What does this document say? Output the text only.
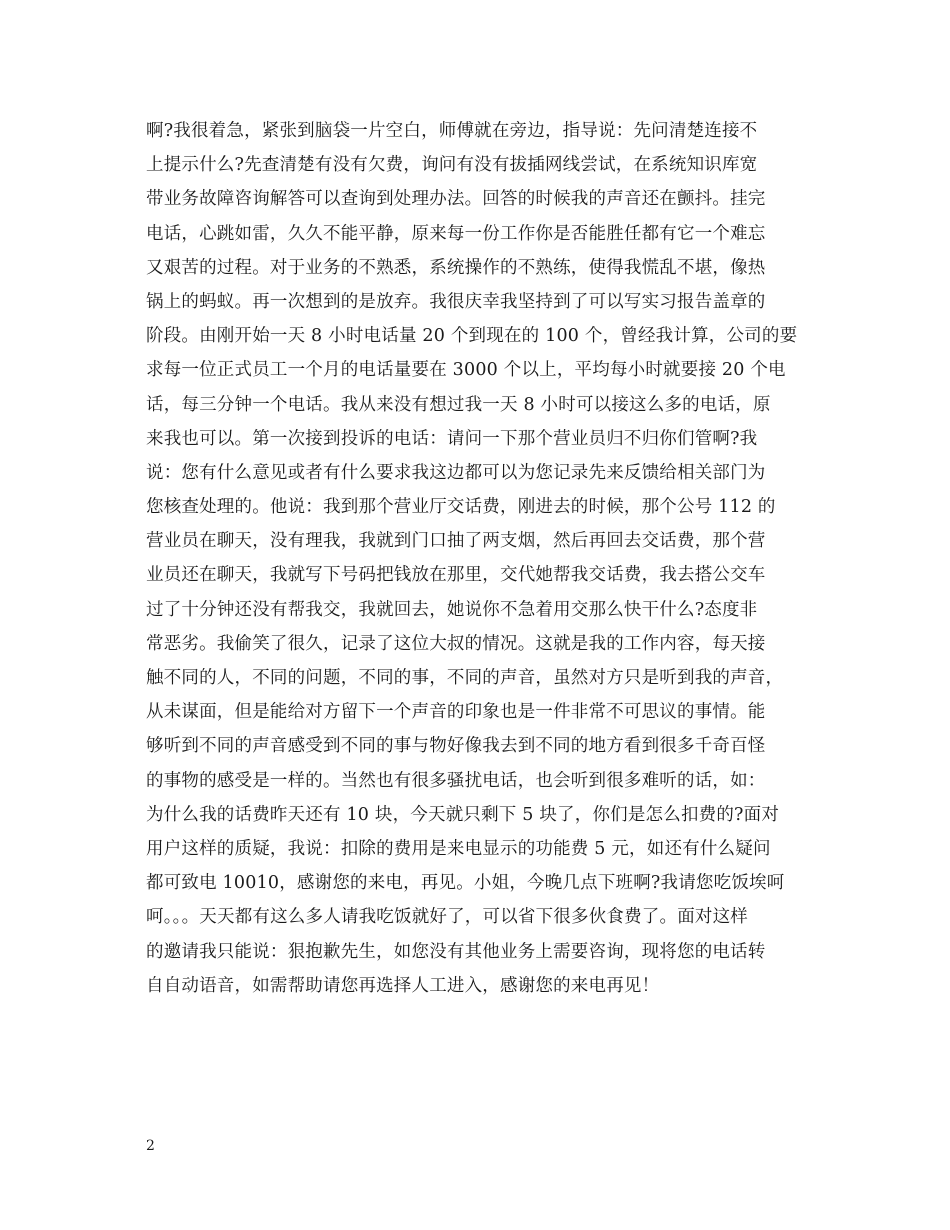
啊?我很着急，紧张到脑袋一片空白，师傅就在旁边，指导说：先问清楚连接不
上提示什么?先查清楚有没有欠费，询问有没有拔插网线尝试，在系统知识库宽
带业务故障咨询解答可以查询到处理办法。回答的时候我的声音还在颤抖。挂完
电话，心跳如雷，久久不能平静，原来每一份工作你是否能胜任都有它一个难忘
又艰苦的过程。对于业务的不熟悉，系统操作的不熟练，使得我慌乱不堪，像热
锅上的蚂蚁。再一次想到的是放弃。我很庆幸我坚持到了可以写实习报告盖章的
阶段。由刚开始一天 8 小时电话量 20 个到现在的 100 个，曾经我计算，公司的要
求每一位正式员工一个月的电话量要在 3000 个以上，平均每小时就要接 20 个电
话，每三分钟一个电话。我从来没有想过我一天 8 小时可以接这么多的电话，原
来我也可以。第一次接到投诉的电话：请问一下那个营业员归不归你们管啊?我
说：您有什么意见或者有什么要求我这边都可以为您记录先来反馈给相关部门为
您核查处理的。他说：我到那个营业厅交话费，刚进去的时候，那个公号 112 的
营业员在聊天，没有理我，我就到门口抽了两支烟，然后再回去交话费，那个营
业员还在聊天，我就写下号码把钱放在那里，交代她帮我交话费，我去搭公交车
过了十分钟还没有帮我交，我就回去，她说你不急着用交那么快干什么?态度非
常恶劣。我偷笑了很久，记录了这位大叔的情况。这就是我的工作内容，每天接
触不同的人，不同的问题，不同的事，不同的声音，虽然对方只是听到我的声音，
从未谋面，但是能给对方留下一个声音的印象也是一件非常不可思议的事情。能
够听到不同的声音感受到不同的事与物好像我去到不同的地方看到很多千奇百怪
的事物的感受是一样的。当然也有很多骚扰电话，也会听到很多难听的话，如：
为什么我的话费昨天还有 10 块，今天就只剩下 5 块了，你们是怎么扣费的?面对
用户这样的质疑，我说：扣除的费用是来电显示的功能费 5 元，如还有什么疑问
都可致电 10010，感谢您的来电，再见。小姐，今晚几点下班啊?我请您吃饭埃呵
呵。。。天天都有这么多人请我吃饭就好了，可以省下很多伙食费了。面对这样
的邀请我只能说：狠抱歉先生，如您没有其他业务上需要咨询，现将您的电话转
自自动语音，如需帮助请您再选择人工进入，感谢您的来电再见！
2
